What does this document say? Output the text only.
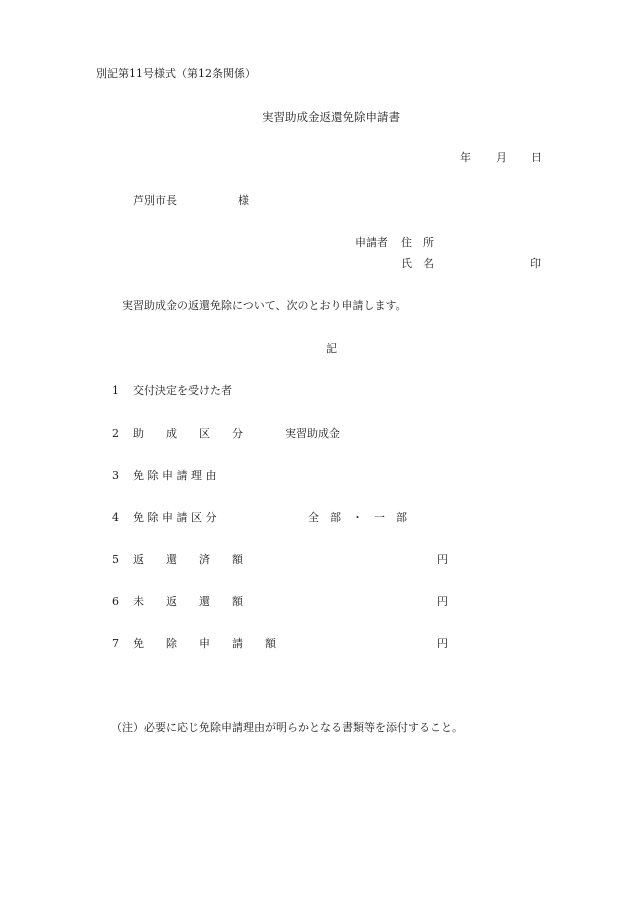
別記第11号様式（第12条関係）
実習助成金返還免除申請書
年 月 日
芦別市長	様
申請者 住　所
氏　名	印
実習助成金の返還免除について、次のとおり申請します。
記
1 交付決定を受けた者
2 助　　成　　区　　分	実習助成金
3 免 除 申 請 理 由
4 免 除 申 請 区 分	全　部　・　一　部
5 返　　還　　済　　額	円
6 未　　返　　還　　額	円
7 免　　除　　申　　請　　額	円
（注）必要に応じ免除申請理由が明らかとなる書類等を添付すること。
